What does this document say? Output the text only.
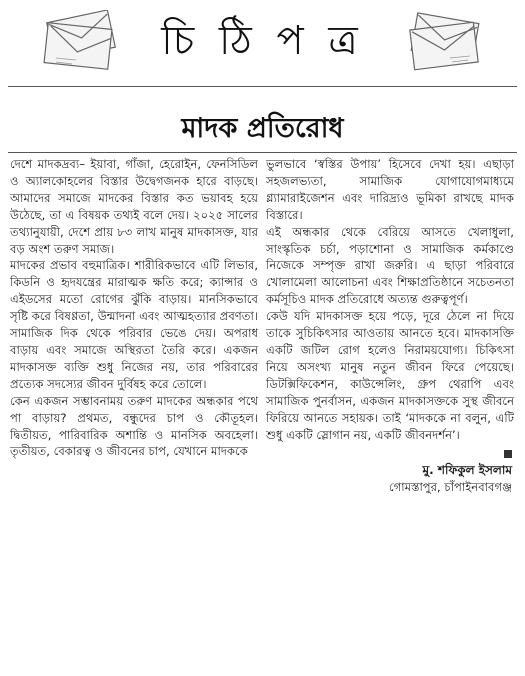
চি ঠি প ত্র
মাদক প্রতিরোধ

দেশে মাদকদ্রব্য– ইয়াবা, গাঁজা, হেরোইন, ফেনসিডিল ও অ্যালকোহলের বিস্তার উদ্বেগজনক হারে বাড়ছে। আমাদের সমাজে মাদকের বিস্তার কত ভয়াবহ হয়ে উঠেছে, তা এ বিষয়ক তথ্যই বলে দেয়। ২০২৫ সালের তথ্যানুযায়ী, দেশে প্রায় ৮৩ লাখ মানুষ মাদকাসক্ত, যার বড় অংশ তরুণ সমাজ।

মাদকের প্রভাব বহুমাত্রিক। শারীরিকভাবে এটি লিভার, কিডনি ও হৃদযন্ত্রের মারাত্মক ক্ষতি করে; ক্যান্সার ও এইডসের মতো রোগের ঝুঁকি বাড়ায়। মানসিকভাবে সৃষ্টি করে বিষণ্ণতা, উন্মাদনা এবং আত্মহত্যার প্রবণতা। সামাজিক দিক থেকে পরিবার ভেঙে দেয়। অপরাধ বাড়ায় এবং সমাজে অস্থিরতা তৈরি করে। একজন মাদকাসক্ত ব্যক্তি শুধু নিজের নয়, তার পরিবারের প্রত্যেক সদস্যের জীবন দুর্বিষহ করে তোলে।

কেন একজন সম্ভাবনাময় তরুণ মাদকের অন্ধকার পথে পা বাড়ায়? প্রথমত, বন্ধুদের চাপ ও কৌতূহল। দ্বিতীয়ত, পারিবারিক অশান্তি ও মানসিক অবহেলা। তৃতীয়ত, বেকারত্ব ও জীবনের চাপ, যেখানে মাদককে

ভুলভাবে ‘স্বস্তির উপায়’ হিসেবে দেখা হয়। এছাড়া সহজলভ্যতা, সামাজিক যোগাযোগমাধ্যমে গ্ল্যামারাইজেশন এবং দারিদ্র্যও ভূমিকা রাখছে মাদক বিস্তারে।

এই অন্ধকার থেকে বেরিয়ে আসতে খেলাধুলা, সাংস্কৃতিক চর্চা, পড়াশোনা ও সামাজিক কর্মকাণ্ডে নিজেকে সম্পৃক্ত রাখা জরুরি। এ ছাড়া পরিবারে খোলামেলা আলোচনা এবং শিক্ষাপ্রতিষ্ঠানে সচেতনতা কর্মসূচিও মাদক প্রতিরোধে অত্যন্ত গুরুত্বপূর্ণ।

কেউ যদি মাদকাসক্ত হয়ে পড়ে, দূরে ঠেলে না দিয়ে তাকে সুচিকিৎসার আওতায় আনতে হবে। মাদকাসক্তি একটি জটিল রোগ হলেও নিরাময়যোগ্য। চিকিৎসা নিয়ে অসংখ্য মানুষ নতুন জীবন ফিরে পেয়েছে। ডিটক্সিফিকেশন, কাউন্সেলিং, গ্রুপ থেরাপি এবং সামাজিক পুনর্বাসন, একজন মাদকাসক্তকে সুস্থ জীবনে ফিরিয়ে আনতে সহায়ক। তাই ‘মাদককে না বলুন, এটি শুধু একটি স্লোগান নয়, একটি জীবনদর্শন’।

মু. শফিকুল ইসলাম
গোমস্তাপুর, চাঁপাইনবাবগঞ্জ
